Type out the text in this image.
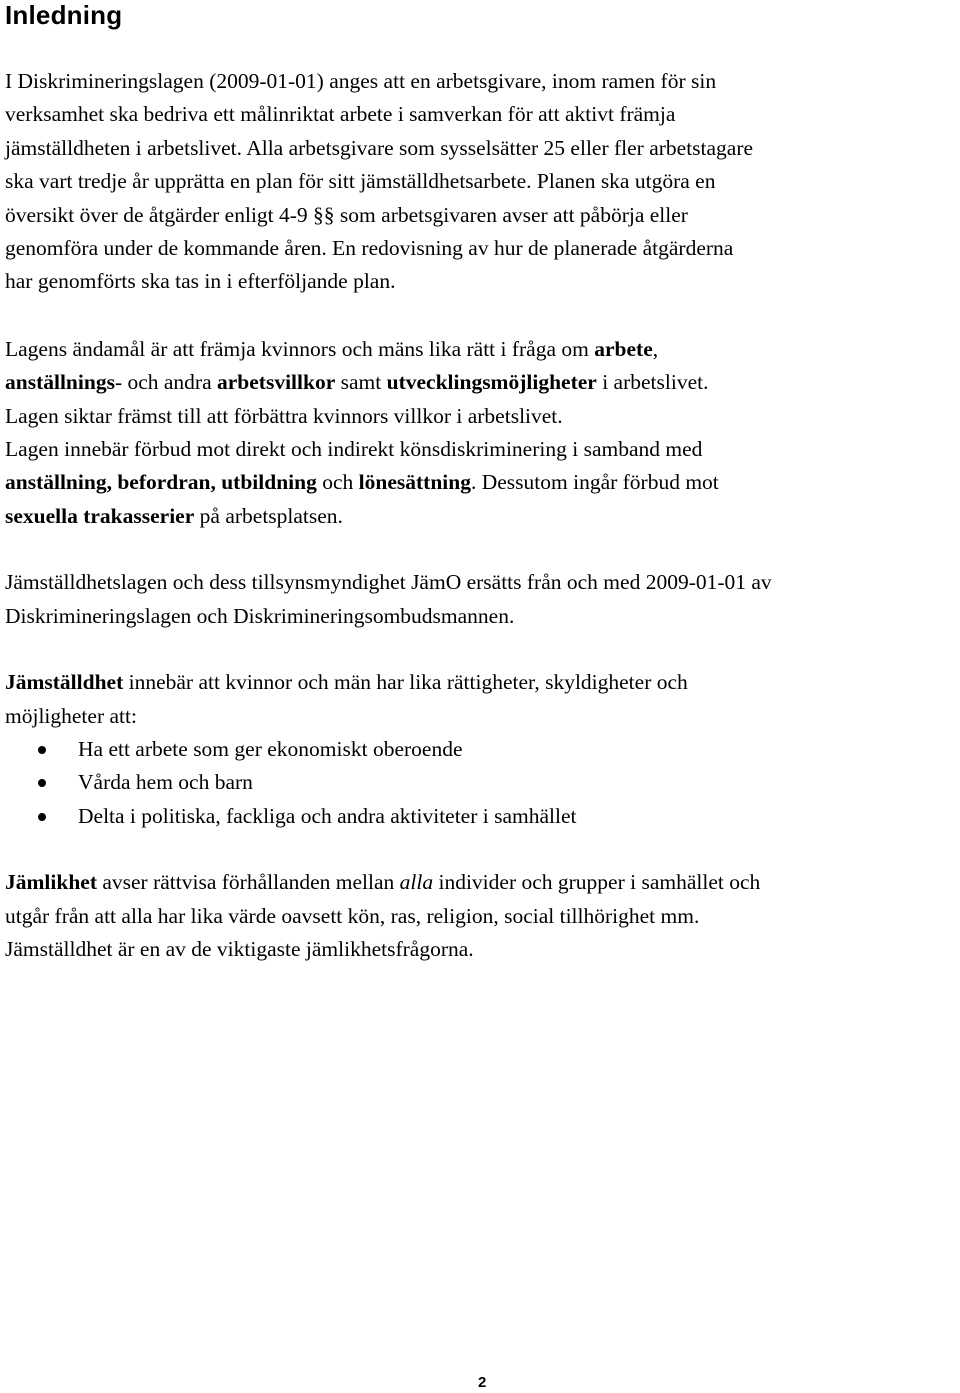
Inledning

I Diskrimineringslagen (2009-01-01) anges att en arbetsgivare, inom ramen för sin
verksamhet ska bedriva ett målinriktat arbete i samverkan för att aktivt främja
jämställdheten i arbetslivet. Alla arbetsgivare som sysselsätter 25 eller fler arbetstagare
ska vart tredje år upprätta en plan för sitt jämställdhetsarbete. Planen ska utgöra en
översikt över de åtgärder enligt 4-9 §§ som arbetsgivaren avser att påbörja eller
genomföra under de kommande åren. En redovisning av hur de planerade åtgärderna
har genomförts ska tas in i efterföljande plan.

Lagens ändamål är att främja kvinnors och mäns lika rätt i fråga om arbete,
anställnings- och andra arbetsvillkor samt utvecklingsmöjligheter i arbetslivet.
Lagen siktar främst till att förbättra kvinnors villkor i arbetslivet.
Lagen innebär förbud mot direkt och indirekt könsdiskriminering i samband med
anställning, befordran, utbildning och lönesättning. Dessutom ingår förbud mot
sexuella trakasserier på arbetsplatsen.

Jämställdhetslagen och dess tillsynsmyndighet JämO ersätts från och med 2009-01-01 av
Diskrimineringslagen och Diskrimineringsombudsmannen.

Jämställdhet innebär att kvinnor och män har lika rättigheter, skyldigheter och
möjligheter att:

Ha ett arbete som ger ekonomiskt oberoende
Vårda hem och barn
Delta i politiska, fackliga och andra aktiviteter i samhället

Jämlikhet avser rättvisa förhållanden mellan alla individer och grupper i samhället och
utgår från att alla har lika värde oavsett kön, ras, religion, social tillhörighet mm.
Jämställdhet är en av de viktigaste jämlikhetsfrågorna.

2
